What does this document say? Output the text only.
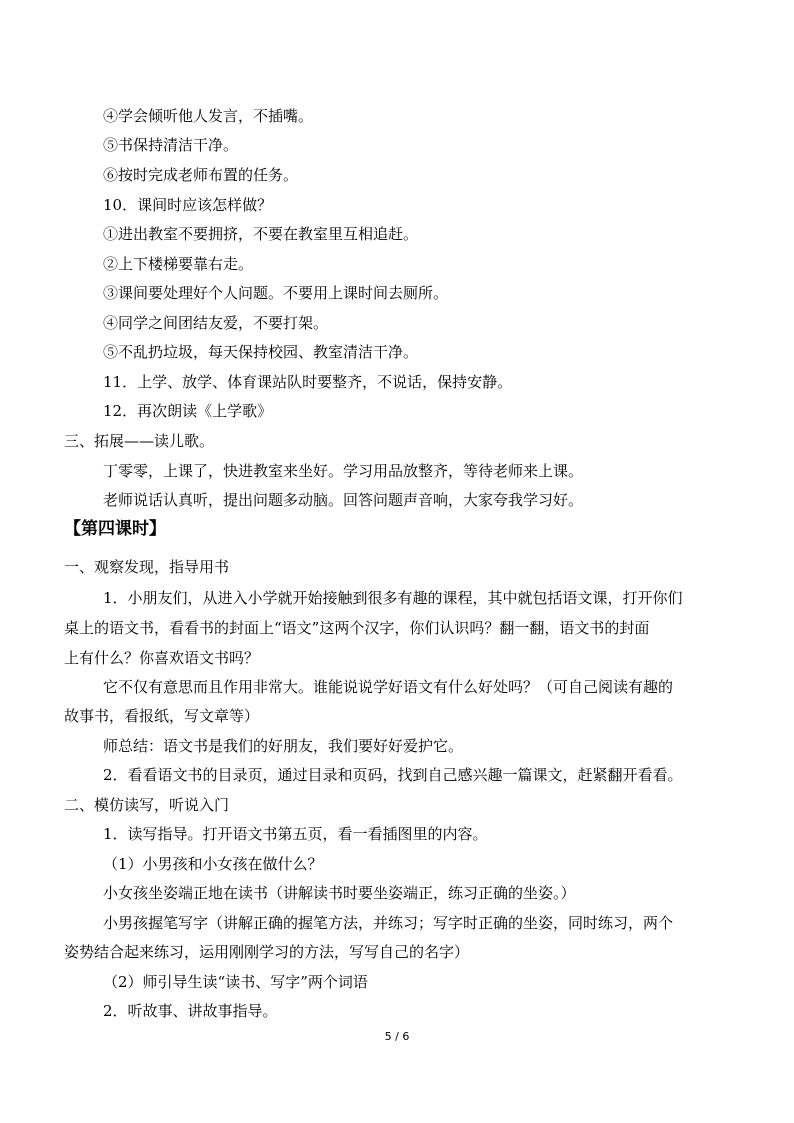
④学会倾听他人发言，不插嘴。
⑤书保持清洁干净。
⑥按时完成老师布置的任务。
10．课间时应该怎样做？
①进出教室不要拥挤，不要在教室里互相追赶。
②上下楼梯要靠右走。
③课间要处理好个人问题。不要用上课时间去厕所。
④同学之间团结友爱，不要打架。
⑤不乱扔垃圾，每天保持校园、教室清洁干净。
11．上学、放学、体育课站队时要整齐，不说话，保持安静。
12．再次朗读《上学歌》
三、拓展——读儿歌。
丁零零，上课了，快进教室来坐好。学习用品放整齐，等待老师来上课。
老师说话认真听，提出问题多动脑。回答问题声音响，大家夸我学习好。
【第四课时】
一、观察发现，指导用书
1．小朋友们，从进入小学就开始接触到很多有趣的课程，其中就包括语文课，打开你们
桌上的语文书，看看书的封面上“语文”这两个汉字，你们认识吗？翻一翻，语文书的封面
上有什么？你喜欢语文书吗？
它不仅有意思而且作用非常大。谁能说说学好语文有什么好处吗？（可自己阅读有趣的
故事书，看报纸，写文章等）
师总结：语文书是我们的好朋友，我们要好好爱护它。
2．看看语文书的目录页，通过目录和页码，找到自己感兴趣一篇课文，赶紧翻开看看。
二、模仿读写，听说入门
1．读写指导。打开语文书第五页，看一看插图里的内容。
（1）小男孩和小女孩在做什么？
小女孩坐姿端正地在读书（讲解读书时要坐姿端正，练习正确的坐姿。）
小男孩握笔写字（讲解正确的握笔方法，并练习；写字时正确的坐姿，同时练习，两个
姿势结合起来练习，运用刚刚学习的方法，写写自己的名字）
（2）师引导生读“读书、写字”两个词语
2．听故事、讲故事指导。
5 / 6
